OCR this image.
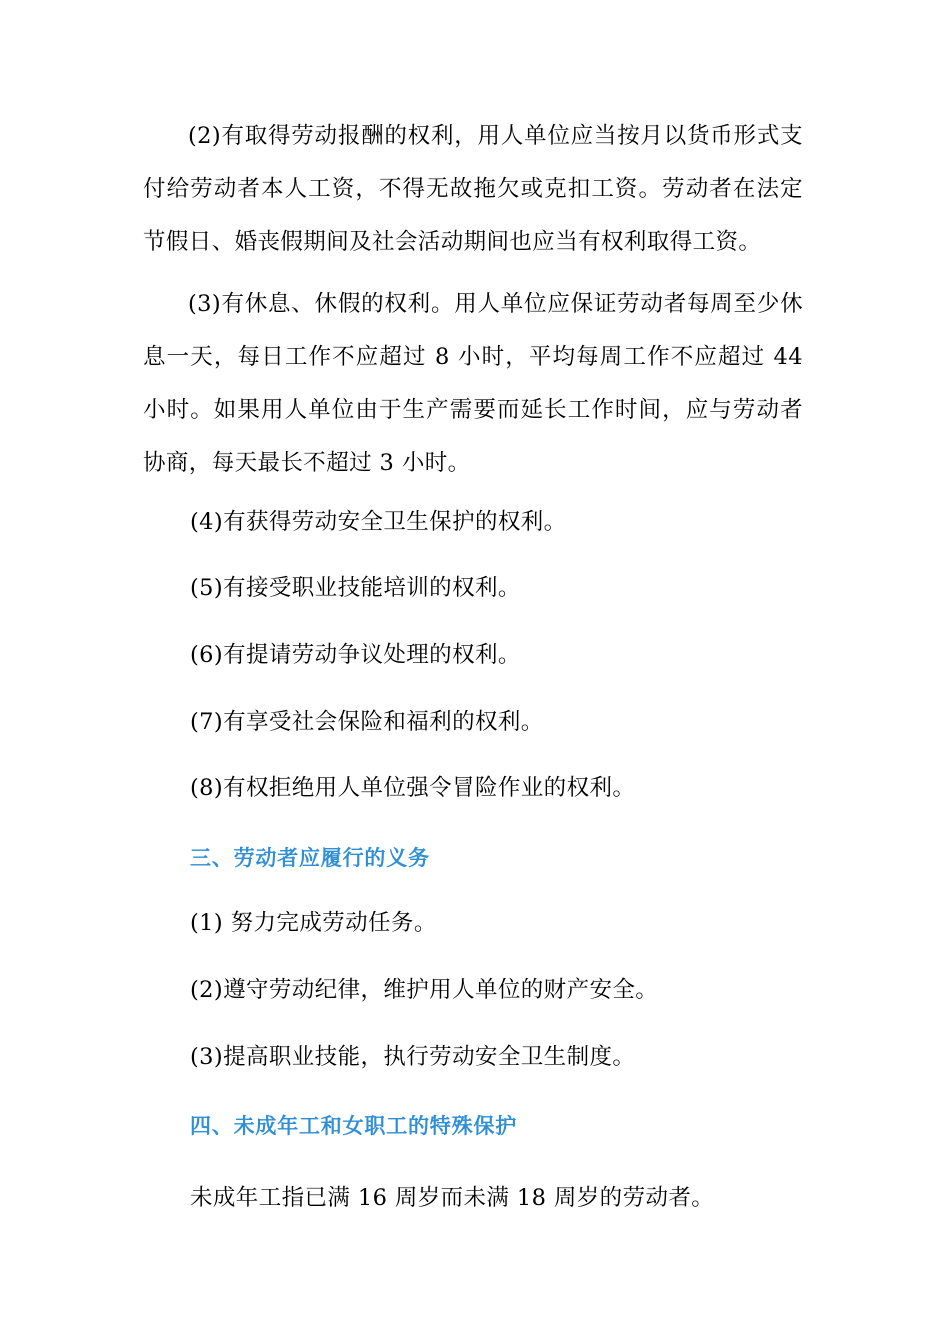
(2)有取得劳动报酬的权利，用人单位应当按月以货币形式支付给劳动者本人工资，不得无故拖欠或克扣工资。劳动者在法定节假日、婚丧假期间及社会活动期间也应当有权利取得工资。

(3)有休息、休假的权利。用人单位应保证劳动者每周至少休息一天，每日工作不应超过 8 小时，平均每周工作不应超过 44 小时。如果用人单位由于生产需要而延长工作时间，应与劳动者协商，每天最长不超过 3 小时。

(4)有获得劳动安全卫生保护的权利。

(5)有接受职业技能培训的权利。

(6)有提请劳动争议处理的权利。

(7)有享受社会保险和福利的权利。

(8)有权拒绝用人单位强令冒险作业的权利。

三、劳动者应履行的义务

(1) 努力完成劳动任务。

(2)遵守劳动纪律，维护用人单位的财产安全。

(3)提高职业技能，执行劳动安全卫生制度。

四、未成年工和女职工的特殊保护

未成年工指已满 16 周岁而未满 18 周岁的劳动者。
